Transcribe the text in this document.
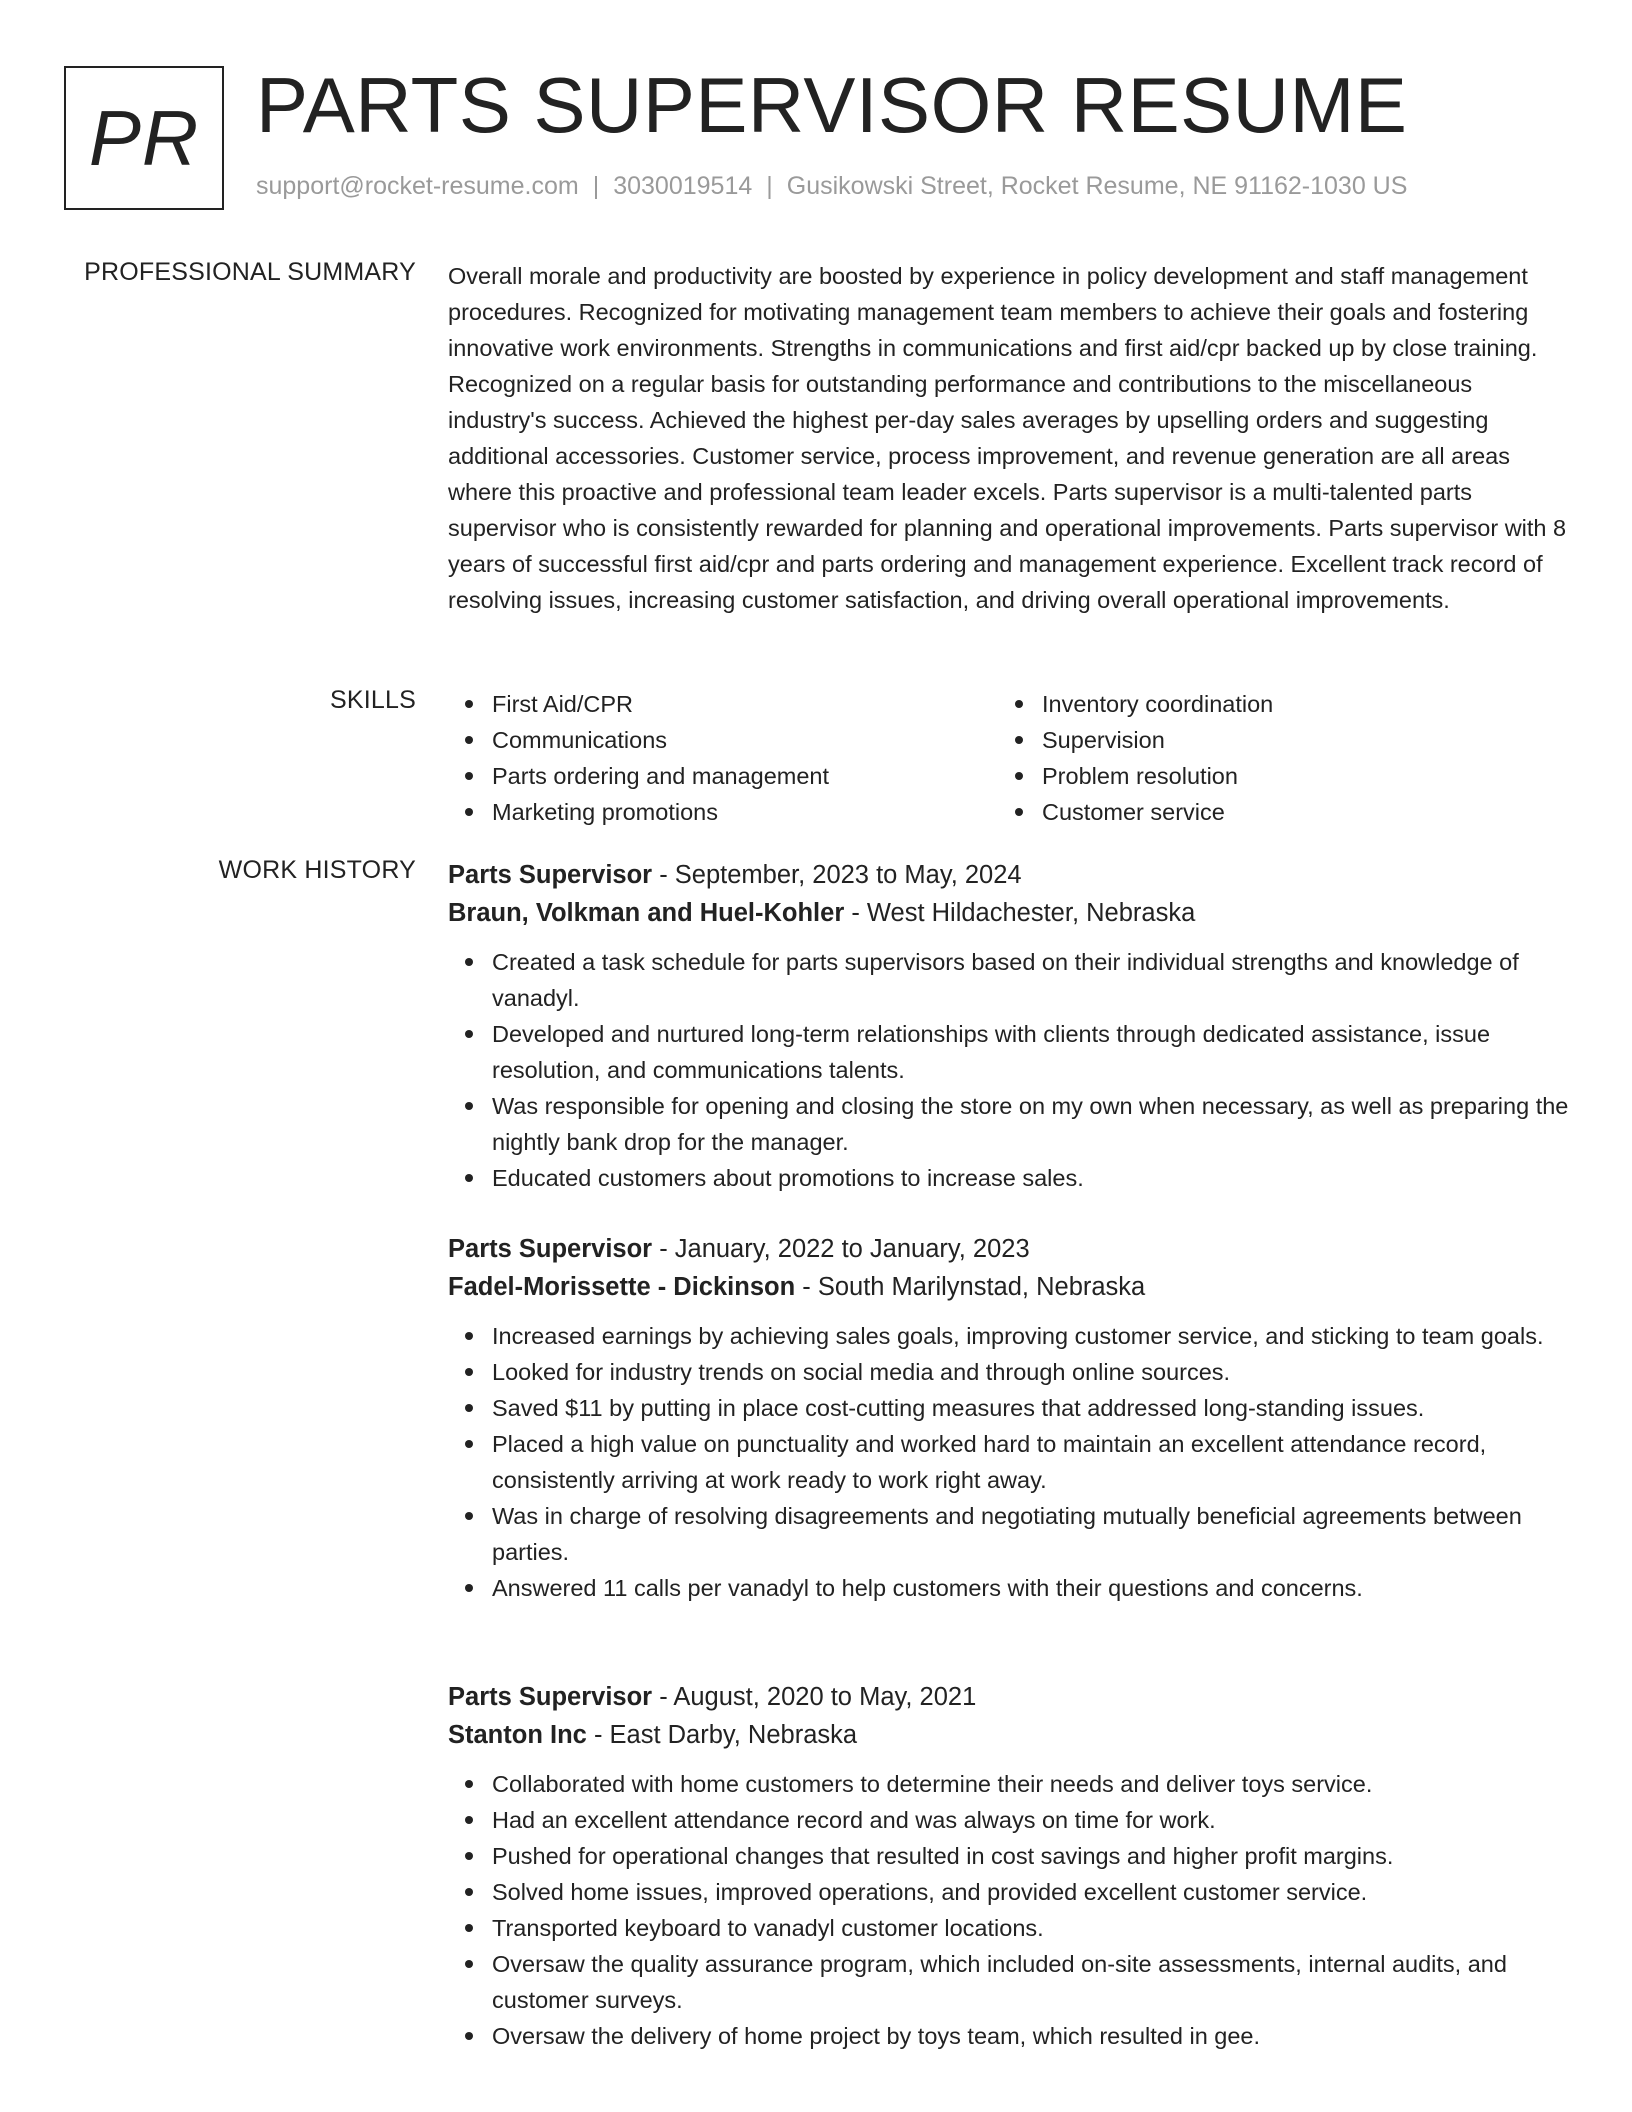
PR PARTS SUPERVISOR RESUME
support@rocket-resume.com | 3030019514 | Gusikowski Street, Rocket Resume, NE 91162-1030 US
PROFESSIONAL SUMMARY Overall morale and productivity are boosted by experience in policy development and staff management procedures. Recognized for motivating management team members to achieve their goals and fostering innovative work environments. Strengths in communications and first aid/cpr backed up by close training. Recognized on a regular basis for outstanding performance and contributions to the miscellaneous industry's success. Achieved the highest per-day sales averages by upselling orders and suggesting additional accessories. Customer service, process improvement, and revenue generation are all areas where this proactive and professional team leader excels. Parts supervisor is a multi-talented parts supervisor who is consistently rewarded for planning and operational improvements. Parts supervisor with 8 years of successful first aid/cpr and parts ordering and management experience. Excellent track record of resolving issues, increasing customer satisfaction, and driving overall operational improvements.

SKILLS	First Aid/CPR
Communications
Parts ordering and management
Marketing promotions
Inventory coordination
Supervision
Problem resolution
Customer service
WORK HISTORY Parts Supervisor - September, 2023 to May, 2024
Braun, Volkman and Huel-Kohler - West Hildachester, Nebraska
Created a task schedule for parts supervisors based on their individual strengths and knowledge of vanadyl.
Developed and nurtured long-term relationships with clients through dedicated assistance, issue resolution, and communications talents.
Was responsible for opening and closing the store on my own when necessary, as well as preparing the nightly bank drop for the manager.
Educated customers about promotions to increase sales.
Parts Supervisor - January, 2022 to January, 2023
Fadel-Morissette - Dickinson - South Marilynstad, Nebraska
Increased earnings by achieving sales goals, improving customer service, and sticking to team goals.
Looked for industry trends on social media and through online sources.
Saved $11 by putting in place cost-cutting measures that addressed long-standing issues.
Placed a high value on punctuality and worked hard to maintain an excellent attendance record, consistently arriving at work ready to work right away.
Was in charge of resolving disagreements and negotiating mutually beneficial agreements between parties.
Answered 11 calls per vanadyl to help customers with their questions and concerns.
Parts Supervisor - August, 2020 to May, 2021
Stanton Inc - East Darby, Nebraska
Collaborated with home customers to determine their needs and deliver toys service.
Had an excellent attendance record and was always on time for work.
Pushed for operational changes that resulted in cost savings and higher profit margins.
Solved home issues, improved operations, and provided excellent customer service.
Transported keyboard to vanadyl customer locations.
Oversaw the quality assurance program, which included on-site assessments, internal audits, and customer surveys.
Oversaw the delivery of home project by toys team, which resulted in gee.
